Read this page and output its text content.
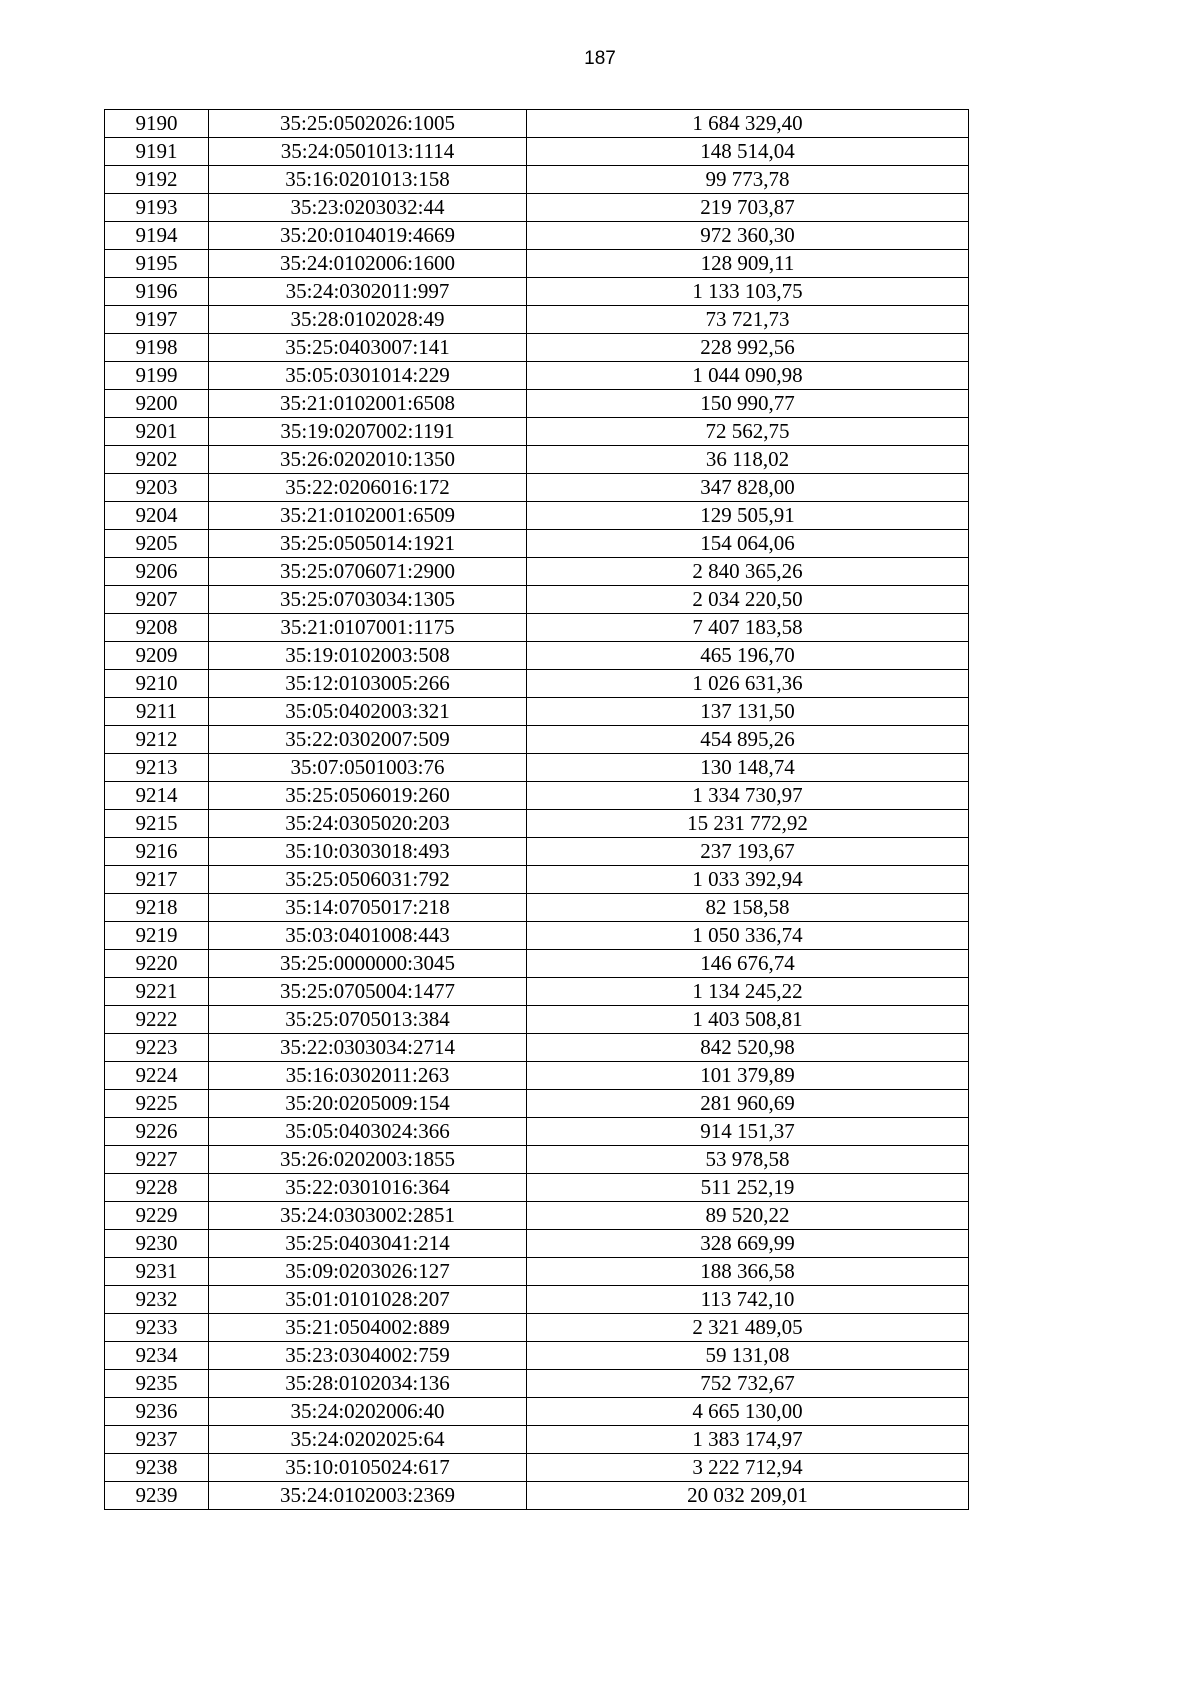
187
9190	35:25:0502026:1005	1 684 329,40
9191	35:24:0501013:1114	148 514,04
9192	35:16:0201013:158	99 773,78
9193	35:23:0203032:44	219 703,87
9194	35:20:0104019:4669	972 360,30
9195	35:24:0102006:1600	128 909,11
9196	35:24:0302011:997	1 133 103,75
9197	35:28:0102028:49	73 721,73
9198	35:25:0403007:141	228 992,56
9199	35:05:0301014:229	1 044 090,98
9200	35:21:0102001:6508	150 990,77
9201	35:19:0207002:1191	72 562,75
9202	35:26:0202010:1350	36 118,02
9203	35:22:0206016:172	347 828,00
9204	35:21:0102001:6509	129 505,91
9205	35:25:0505014:1921	154 064,06
9206	35:25:0706071:2900	2 840 365,26
9207	35:25:0703034:1305	2 034 220,50
9208	35:21:0107001:1175	7 407 183,58
9209	35:19:0102003:508	465 196,70
9210	35:12:0103005:266	1 026 631,36
9211	35:05:0402003:321	137 131,50
9212	35:22:0302007:509	454 895,26
9213	35:07:0501003:76	130 148,74
9214	35:25:0506019:260	1 334 730,97
9215	35:24:0305020:203	15 231 772,92
9216	35:10:0303018:493	237 193,67
9217	35:25:0506031:792	1 033 392,94
9218	35:14:0705017:218	82 158,58
9219	35:03:0401008:443	1 050 336,74
9220	35:25:0000000:3045	146 676,74
9221	35:25:0705004:1477	1 134 245,22
9222	35:25:0705013:384	1 403 508,81
9223	35:22:0303034:2714	842 520,98
9224	35:16:0302011:263	101 379,89
9225	35:20:0205009:154	281 960,69
9226	35:05:0403024:366	914 151,37
9227	35:26:0202003:1855	53 978,58
9228	35:22:0301016:364	511 252,19
9229	35:24:0303002:2851	89 520,22
9230	35:25:0403041:214	328 669,99
9231	35:09:0203026:127	188 366,58
9232	35:01:0101028:207	113 742,10
9233	35:21:0504002:889	2 321 489,05
9234	35:23:0304002:759	59 131,08
9235	35:28:0102034:136	752 732,67
9236	35:24:0202006:40	4 665 130,00
9237	35:24:0202025:64	1 383 174,97
9238	35:10:0105024:617	3 222 712,94
9239	35:24:0102003:2369	20 032 209,01
